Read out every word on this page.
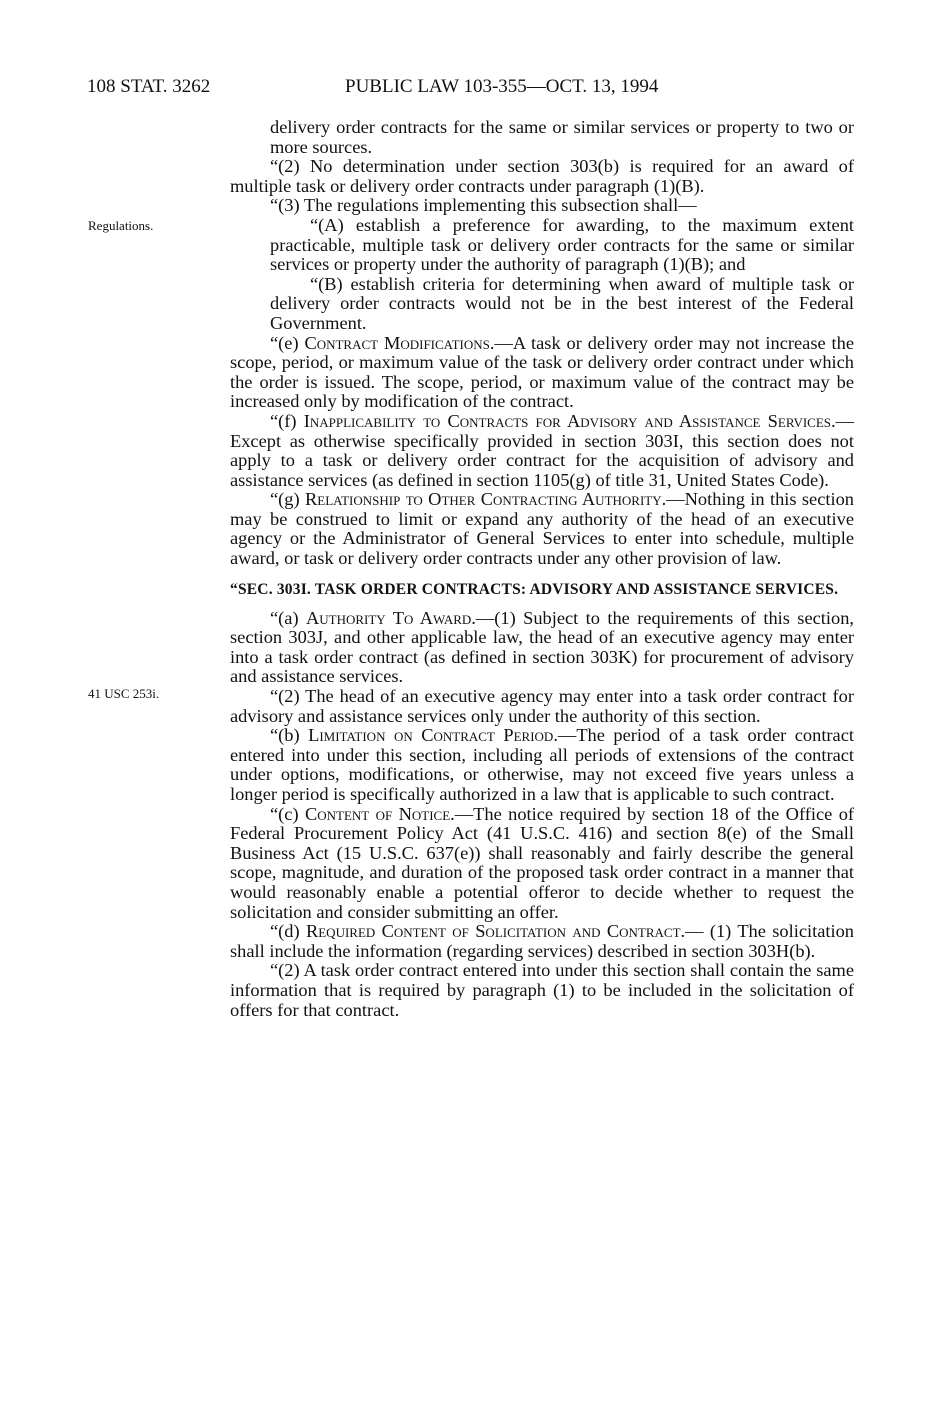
108 STAT. 3262	PUBLIC LAW 103-355—OCT. 13, 1994
Regulations.
41 USC 253i.

delivery order contracts for the same or similar services or property to two or more sources.

“(2) No determination under section 303(b) is required for an award of multiple task or delivery order contracts under paragraph (1)(B).

“(3) The regulations implementing this subsection shall—

“(A) establish a preference for awarding, to the maximum extent practicable, multiple task or delivery order contracts for the same or similar services or property under the authority of paragraph (1)(B); and

“(B) establish criteria for determining when award of multiple task or delivery order contracts would not be in the best interest of the Federal Government.

“(e) Contract Modifications.—A task or delivery order may not increase the scope, period, or maximum value of the task or delivery order contract under which the order is issued. The scope, period, or maximum value of the contract may be increased only by modification of the contract.

“(f) Inapplicability to Contracts for Advisory and Assistance Services.—Except as otherwise specifically provided in section 303I, this section does not apply to a task or delivery order contract for the acquisition of advisory and assistance services (as defined in section 1105(g) of title 31, United States Code).

“(g) Relationship to Other Contracting Authority.—Nothing in this section may be construed to limit or expand any authority of the head of an executive agency or the Administrator of General Services to enter into schedule, multiple award, or task or delivery order contracts under any other provision of law.

“SEC. 303I. TASK ORDER CONTRACTS: ADVISORY AND ASSISTANCE SERVICES.

“(a) Authority To Award.—(1) Subject to the requirements of this section, section 303J, and other applicable law, the head of an executive agency may enter into a task order contract (as defined in section 303K) for procurement of advisory and assistance services.

“(2) The head of an executive agency may enter into a task order contract for advisory and assistance services only under the authority of this section.

“(b) Limitation on Contract Period.—The period of a task order contract entered into under this section, including all periods of extensions of the contract under options, modifications, or otherwise, may not exceed five years unless a longer period is specifically authorized in a law that is applicable to such contract.

“(c) Content of Notice.—The notice required by section 18 of the Office of Federal Procurement Policy Act (41 U.S.C. 416) and section 8(e) of the Small Business Act (15 U.S.C. 637(e)) shall reasonably and fairly describe the general scope, magnitude, and duration of the proposed task order contract in a manner that would reasonably enable a potential offeror to decide whether to request the solicitation and consider submitting an offer.

“(d) Required Content of Solicitation and Contract.— (1) The solicitation shall include the information (regarding services) described in section 303H(b).

“(2) A task order contract entered into under this section shall contain the same information that is required by paragraph (1) to be included in the solicitation of offers for that contract.
